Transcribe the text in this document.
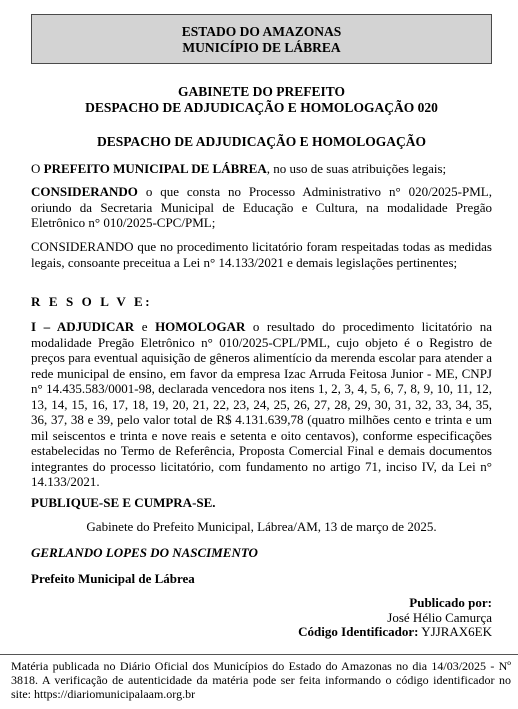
ESTADO DO AMAZONAS
MUNICÍPIO DE LÁBREA
GABINETE DO PREFEITO
DESPACHO DE ADJUDICAÇÃO E HOMOLOGAÇÃO 020
DESPACHO DE ADJUDICAÇÃO E HOMOLOGAÇÃO
O PREFEITO MUNICIPAL DE LÁBREA, no uso de suas atribuições legais;
CONSIDERANDO o que consta no Processo Administrativo n° 020/2025-PML, oriundo da Secretaria Municipal de Educação e Cultura, na modalidade Pregão Eletrônico n° 010/2025-CPC/PML;
CONSIDERANDO que no procedimento licitatório foram respeitadas todas as medidas legais, consoante preceitua a Lei n° 14.133/2021 e demais legislações pertinentes;
R E S O L V E:
I – ADJUDICAR e HOMOLOGAR o resultado do procedimento licitatório na modalidade Pregão Eletrônico n° 010/2025-CPL/PML, cujo objeto é o Registro de preços para eventual aquisição de gêneros alimentício da merenda escolar para atender a rede municipal de ensino, em favor da empresa Izac Arruda Feitosa Junior - ME, CNPJ n° 14.435.583/0001-98, declarada vencedora nos itens 1, 2, 3, 4, 5, 6, 7, 8, 9, 10, 11, 12, 13, 14, 15, 16, 17, 18, 19, 20, 21, 22, 23, 24, 25, 26, 27, 28, 29, 30, 31, 32, 33, 34, 35, 36, 37, 38 e 39, pelo valor total de R$ 4.131.639,78 (quatro milhões cento e trinta e um mil seiscentos e trinta e nove reais e setenta e oito centavos), conforme especificações estabelecidas no Termo de Referência, Proposta Comercial Final e demais documentos integrantes do processo licitatório, com fundamento no artigo 71, inciso IV, da Lei n° 14.133/2021.
PUBLIQUE-SE E CUMPRA-SE.
Gabinete do Prefeito Municipal, Lábrea/AM, 13 de março de 2025.
GERLANDO LOPES DO NASCIMENTO
Prefeito Municipal de Lábrea
Publicado por:
José Hélio Camurça
Código Identificador: YJJRAX6EK
Matéria publicada no Diário Oficial dos Municípios do Estado do Amazonas no dia 14/03/2025 - Nº 3818. A verificação de autenticidade da matéria pode ser feita informando o código identificador no site: https://diariomunicipalaam.org.br
